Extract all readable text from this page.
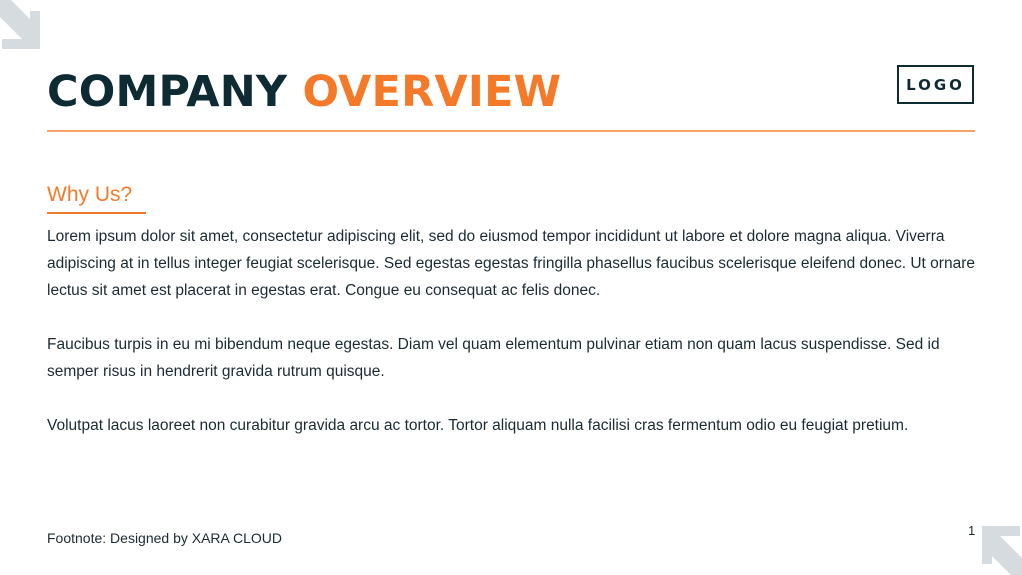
COMPANY OVERVIEW	LOGO
Why Us?

Lorem ipsum dolor sit amet, consectetur adipiscing elit, sed do eiusmod tempor incididunt ut labore et dolore magna aliqua. Viverra adipiscing at in tellus integer feugiat scelerisque. Sed egestas egestas fringilla phasellus faucibus scelerisque eleifend donec. Ut ornare lectus sit amet est placerat in egestas erat. Congue eu consequat ac felis donec.

Faucibus turpis in eu mi bibendum neque egestas. Diam vel quam elementum pulvinar etiam non quam lacus suspendisse. Sed id semper risus in hendrerit gravida rutrum quisque.

Volutpat lacus laoreet non curabitur gravida arcu ac tortor. Tortor aliquam nulla facilisi cras fermentum odio eu feugiat pretium.

Footnote: Designed by XARA CLOUD	1
